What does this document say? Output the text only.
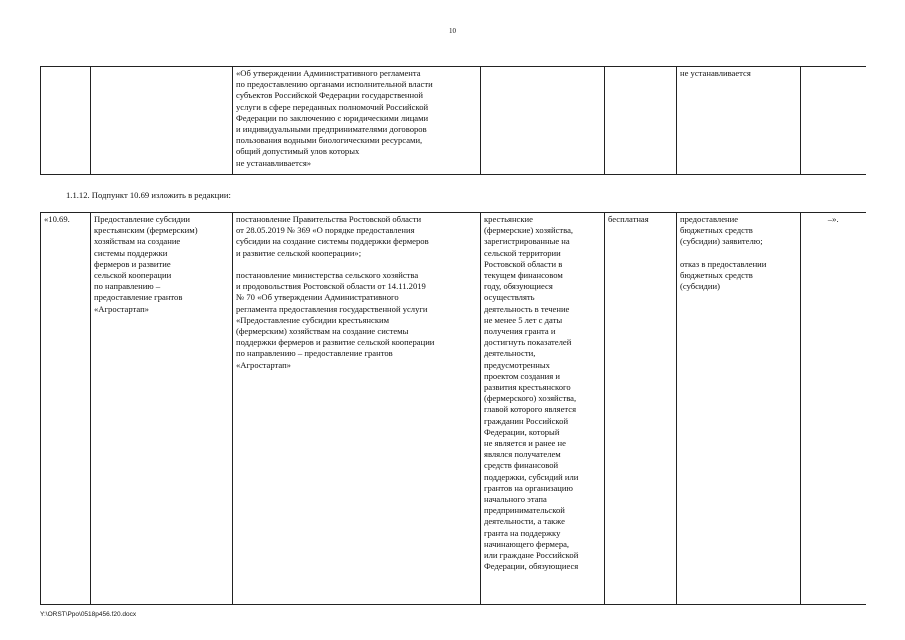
10
		«Об утверждении Административного регламента
по предоставлению органами исполнительной власти
субъектов Российской Федерации государственной
услуги в сфере переданных полномочий Российской
Федерации по заключению с юридическими лицами
и индивидуальными предпринимателями договоров
пользования водными биологическими ресурсами,
общий допустимый улов которых
не устанавливается»			не устанавливается	
1.1.12. Подпункт 10.69 изложить в редакции:
«10.69.	Предоставление субсидии
крестьянским (фермерским)
хозяйствам на создание
системы поддержки
фермеров и развитие
сельской кооперации
по направлению –
предоставление грантов
«Агростартап»	постановление Правительства Ростовской области
от 28.05.2019 № 369 «О порядке предоставления
субсидии на создание системы поддержки фермеров
и развитие сельской кооперации»;

постановление министерства сельского хозяйства
и продовольствия Ростовской области от 14.11.2019
№ 70 «Об утверждении Административного
регламента предоставления государственной услуги
«Предоставление субсидии крестьянским
(фермерским) хозяйствам на создание системы
поддержки фермеров и развитие сельской кооперации
по направлению – предоставление грантов
«Агростартап»	крестьянские
(фермерские) хозяйства,
зарегистрированные на
сельской территории
Ростовской области в
текущем финансовом
году, обязующиеся
осуществлять
деятельность в течение
не менее 5 лет с даты
получения гранта и
достигнуть показателей
деятельности,
предусмотренных
проектом создания и
развития крестьянского
(фермерского) хозяйства,
главой которого является
гражданин Российской
Федерации, который
не является и ранее не
являлся получателем
средств финансовой
поддержки, субсидий или
грантов на организацию
начального этапа
предпринимательской
деятельности, а также
гранта на поддержку
начинающего фермера,
или граждане Российской
Федерации, обязующиеся	бесплатная	предоставление
бюджетных средств
(субсидии) заявителю;

отказ в предоставлении
бюджетных средств
(субсидии)	–».
Y:\ORST\Ppo\0518p456.f20.docx
